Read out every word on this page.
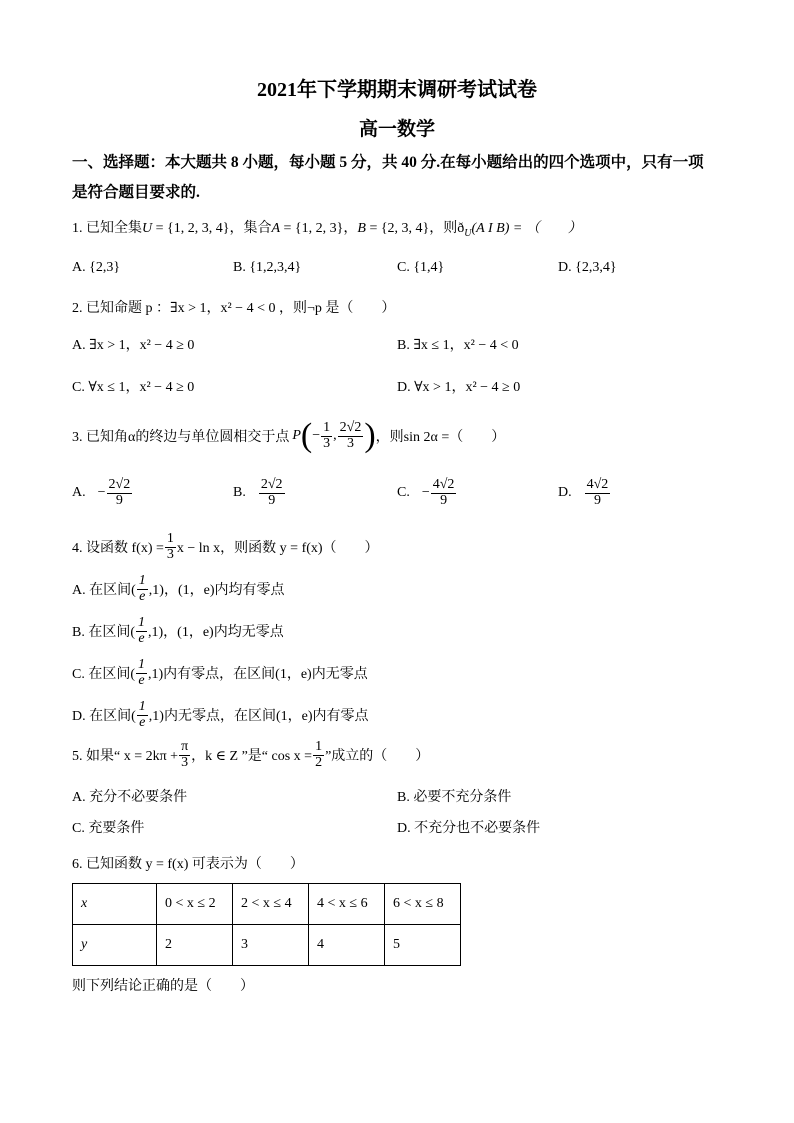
2021年下学期期末调研考试试卷
高一数学
一、选择题：本大题共 8 小题，每小题 5 分，共 40 分.在每小题给出的四个选项中，只有一项
是符合题目要求的.
1. 已知全集U = {1, 2, 3, 4}，集合A = {1, 2, 3}，B = {2, 3, 4}，则$ð_U(A$ I B) = （　　）
A. {2,3}	B. {1,2,3,4}	C. {1,4}	D. {2,3,4}
2. 已知命题 p ：∃x > 1，x² − 4 < 0 ，则¬p 是（　　）
A. ∃x > 1，x² − 4 ≥ 0	B. ∃x ≤ 1，x² − 4 < 0
C. ∀x ≤ 1，x² − 4 ≥ 0	D. ∀x > 1，x² − 4 ≥ 0
3. 已知角α的终边与单位圆相交于点 P ( − $\frac{1}{3}$ , $\frac{2√2}{3}$ ) ，则sin 2α =（　　）
A. − $\frac{2√2}{9}$	B. $\frac{2√2}{9}$	C. − $\frac{4√2}{9}$	D. $\frac{4√2}{9}$
4. 设函数 $f(x) = \frac{1}{3}$ x − ln x，则函数 y = f(x)（　　）
A. 在区间( $\frac{1}{e} ,1$)，(1，e)内均有零点
B. 在区间( $\frac{1}{e} ,1$)，(1，e)内均无零点
C. 在区间( $\frac{1}{e} ,1$)内有零点，在区间(1，e)内无零点
D. 在区间( $\frac{1}{e} ,1$)内无零点，在区间(1，e)内有零点
5. 如果“ $x = 2k\pi + \frac{\pi}{3}$ ，k ∈ Z ”是“ $\cos x = \frac{1}{2}$ ”成立的（　　）
A. 充分不必要条件	B. 必要不充分条件
C. 充要条件	D. 不充分也不必要条件
6. 已知函数 y = f(x) 可表示为（　　）
x	0 < x ≤ 2	2 < x ≤ 4	4 < x ≤ 6	6 < x ≤ 8
y	2	3	4	5
则下列结论正确的是（　　）
